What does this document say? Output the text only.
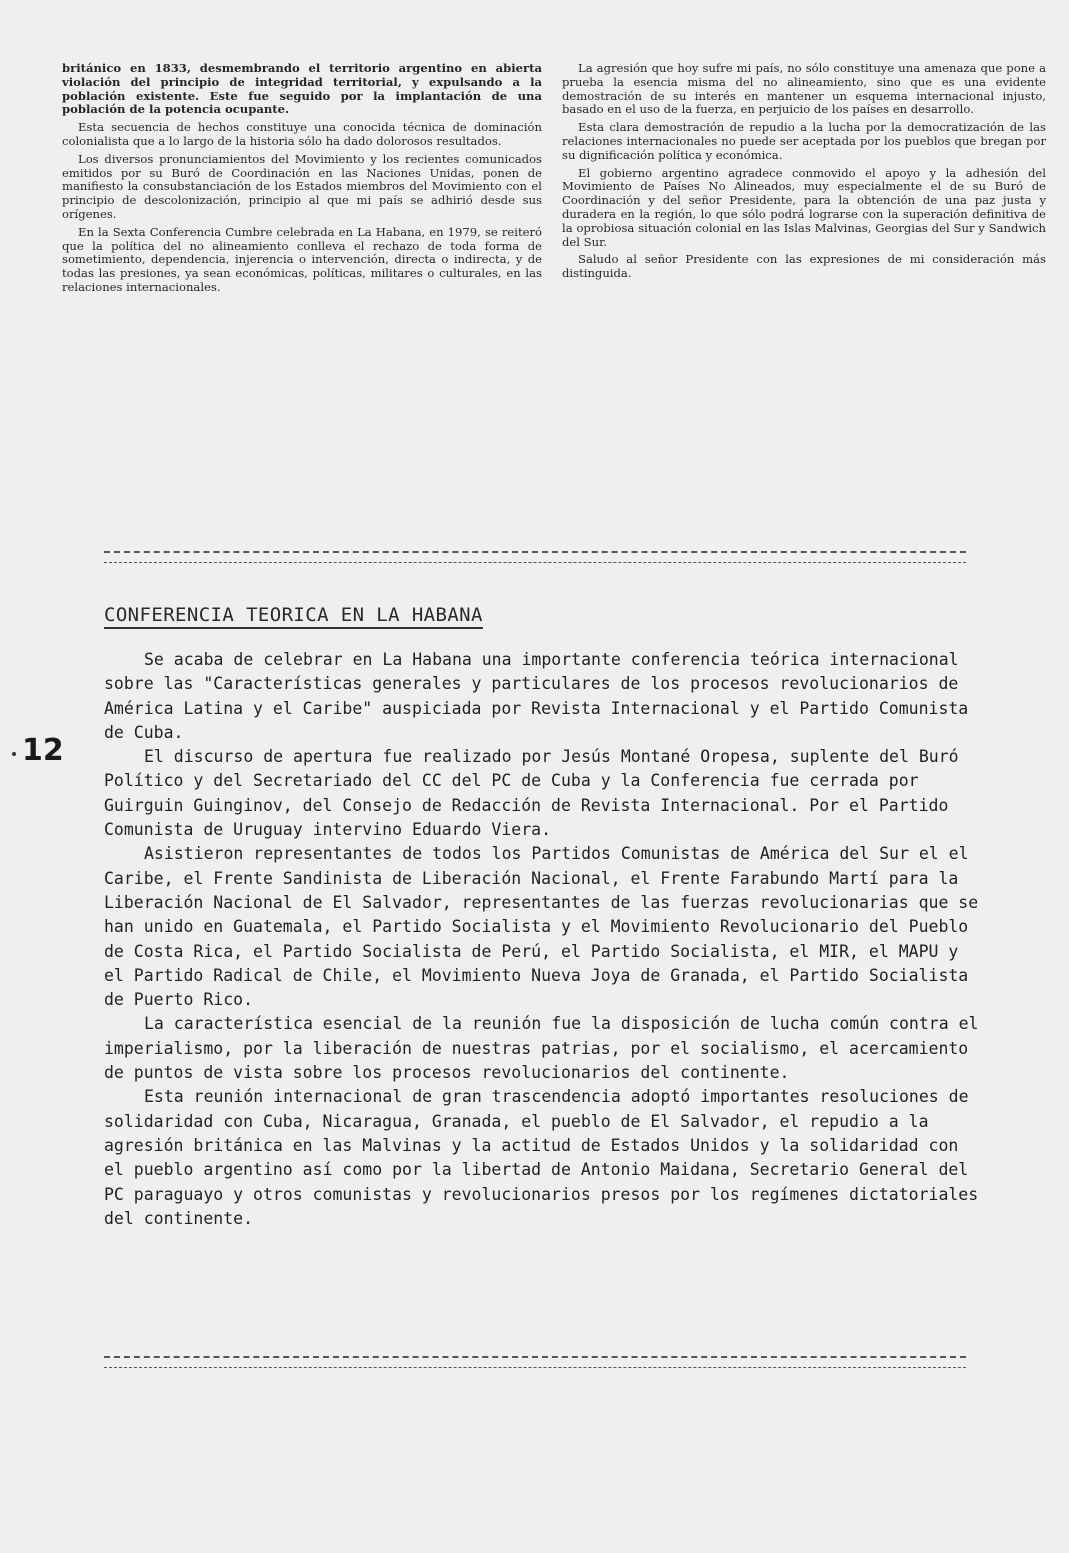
británico en 1833, desmembrando el territorio argentino en abierta violación del principio de integridad territorial, y expulsando a la población existente. Este fue seguido por la implantación de una población de la potencia ocupante.

Esta secuencia de hechos constituye una conocida técnica de dominación colonialista que a lo largo de la historia sólo ha dado dolorosos resultados.

Los diversos pronunciamientos del Movimiento y los recientes comunicados emitidos por su Buró de Coordinación en las Naciones Unidas, ponen de manifiesto la consubstanciación de los Estados miembros del Movimiento con el principio de descolonización, principio al que mi país se adhirió desde sus orígenes.

En la Sexta Conferencia Cumbre celebrada en La Habana, en 1979, se reiteró que la política del no alineamiento conlleva el rechazo de toda forma de sometimiento, dependencia, injerencia o intervención, directa o indirecta, y de todas las presiones, ya sean económicas, políticas, militares o culturales, en las relaciones internacionales.

La agresión que hoy sufre mi país, no sólo constituye una amenaza que pone a prueba la esencia misma del no alineamiento, sino que es una evidente demostración de su interés en mantener un esquema internacional injusto, basado en el uso de la fuerza, en perjuicio de los países en desarrollo.

Esta clara demostración de repudio a la lucha por la democratización de las relaciones internacionales no puede ser aceptada por los pueblos que bregan por su dignificación política y económica.

El gobierno argentino agradece conmovido el apoyo y la adhesión del Movimiento de Países No Alineados, muy especialmente el de su Buró de Coordinación y del señor Presidente, para la obtención de una paz justa y duradera en la región, lo que sólo podrá lograrse con la superación definitiva de la oprobiosa situación colonial en las Islas Malvinas, Georgias del Sur y Sandwich del Sur.

Saludo al señor Presidente con las expresiones de mi consideración más distinguida.

CONFERENCIA TEORICA EN LA HABANA

Se acaba de celebrar en La Habana una importante conferencia teórica internacional sobre las "Características generales y particulares de los procesos revolucionarios de América Latina y el Caribe" auspiciada por Revista Internacional y el Partido Comunista de Cuba.

El discurso de apertura fue realizado por Jesús Montané Oropesa, suplente del Buró Político y del Secretariado del CC del PC de Cuba y la Conferencia fue cerrada por Guirguin Guinginov, del Consejo de Redacción de Revista Internacional. Por el Partido Comunista de Uruguay intervino Eduardo Viera.

Asistieron representantes de todos los Partidos Comunistas de América del Sur el el Caribe, el Frente Sandinista de Liberación Nacional, el Frente Farabundo Martí para la Liberación Nacional de El Salvador, representantes de las fuerzas revolucionarias que se han unido en Guatemala, el Partido Socialista y el Movimiento Revolucionario del Pueblo de Costa Rica, el Partido Socialista de Perú, el Partido Socialista, el MIR, el MAPU y el Partido Radical de Chile, el Movimiento Nueva Joya de Granada, el Partido Socialista de Puerto Rico.

La característica esencial de la reunión fue la disposición de lucha común contra el imperialismo, por la liberación de nuestras patrias, por el socialismo, el acercamiento de puntos de vista sobre los procesos revolucionarios del continente.

Esta reunión internacional de gran trascendencia adoptó importantes resoluciones de solidaridad con Cuba, Nicaragua, Granada, el pueblo de El Salvador, el repudio a la agresión británica en las Malvinas y la actitud de Estados Unidos y la solidaridad con el pueblo argentino así como por la libertad de Antonio Maidana, Secretario General del PC paraguayo y otros comunistas y revolucionarios presos por los regímenes dictatoriales del continente.

12
